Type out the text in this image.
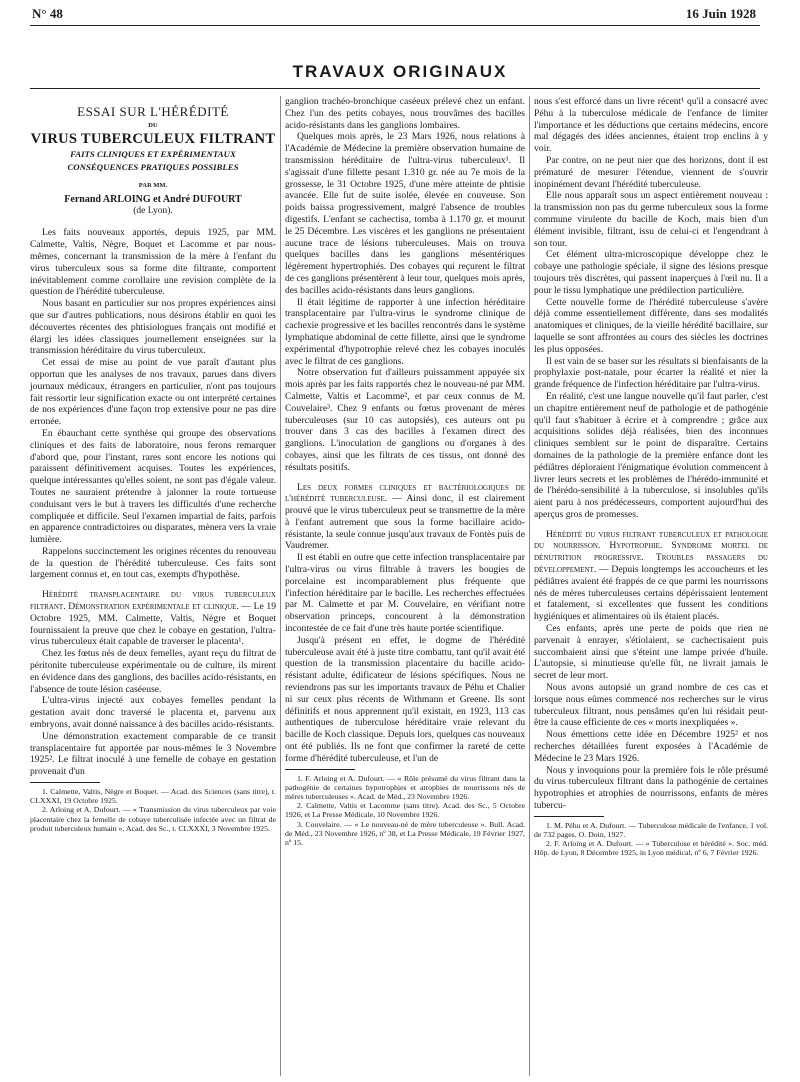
N° 48	16 Juin 1928
TRAVAUX ORIGINAUX
ESSAI SUR L'HÉRÉDITÉ
DU
VIRUS TUBERCULEUX FILTRANT
FAITS CLINIQUES ET EXPÉRIMENTAUX
CONSÉQUENCES PRATIQUES POSSIBLES
PAR MM.
Fernand ARLOING et André DUFOURT
(de Lyon).

Les faits nouveaux apportés, depuis 1925, par MM. Calmette, Valtis, Nègre, Boquet et Lacomme et par nous-mêmes, concernant la transmission de la mère à l'enfant du virus tuberculeux sous sa forme dite filtrante, comportent inévitablement comme corollaire une revision complète de la question de l'hérédité tuberculeuse.

Nous basant en particulier sur nos propres expériences ainsi que sur d'autres publications, nous désirons établir en quoi les découvertes récentes des phtisiologues français ont modifié et élargi les idées classiques journellement enseignées sur la transmission héréditaire du virus tuberculeux.

Cet essai de mise au point de vue paraît d'autant plus opportun que les analyses de nos travaux, parues dans divers journaux médicaux, étrangers en particulier, n'ont pas toujours fait ressortir leur signification exacte ou ont interprété certaines de nos expériences d'une façon trop extensive pour ne pas dire erronée.

En ébauchant cette synthèse qui groupe des observations cliniques et des faits de laboratoire, nous ferons remarquer d'abord que, pour l'instant, rares sont encore les notions qui paraissent définitivement acquises. Toutes les expériences, quelque intéressantes qu'elles soient, ne sont pas d'égale valeur. Toutes ne sauraient prétendre à jalonner la route tortueuse conduisant vers le but à travers les difficultés d'une recherche compliquée et difficile. Seul l'examen impartial de faits, parfois en apparence contradictoires ou disparates, mènera vers la vraie lumière.

Rappelons succinctement les origines récentes du renouveau de la question de l'hérédité tuberculeuse. Ces faits sont largement connus et, en tout cas, exempts d'hypothèse.

Hérédité transplacentaire du virus tuberculeux filtrant. Démonstration expérimentale et clinique. — Le 19 Octobre 1925, MM. Calmette, Valtis, Nègre et Boquet fournissaient la preuve que chez le cobaye en gestation, l'ultra-virus tuberculeux était capable de traverser le placenta¹.

Chez les fœtus nés de deux femelles, ayant reçu du filtrat de péritonite tuberculeuse expérimentale ou de culture, ils mirent en évidence dans des ganglions, des bacilles acido-résistants, en l'absence de toute lésion caséeuse.

L'ultra-virus injecté aux cobayes femelles pendant la gestation avait donc traversé le placenta et, parvenu aux embryons, avait donné naissance à des bacilles acido-résistants.

Une démonstration exactement comparable de ce transit transplacentaire fut apportée par nous-mêmes le 3 Novembre 1925². Le filtrat inoculé à une femelle de cobaye en gestation provenait d'un

1. Calmette, Valtis, Nègre et Boquet. — Acad. des Sciences (sans titre), t. CLXXXI, 19 Octobre 1925.

2. Arloing et A. Dufourt. — « Transmission du virus tuberculeux par voie placentaire chez la femelle de cobaye tuberculisée infectée avec un filtrat de produit tuberculeux humain ». Acad. des Sc., t. CLXXXI, 3 Novembre 1925.

ganglion trachéo-bronchique caséeux prélevé chez un enfant. Chez l'un des petits cobayes, nous trouvâmes des bacilles acido-résistants dans les ganglions lombaires.

Quelques mois après, le 23 Mars 1926, nous relations à l'Académie de Médecine la première observation humaine de transmission héréditaire de l'ultra-virus tuberculeux¹. Il s'agissait d'une fillette pesant 1.310 gr. née au 7e mois de la grossesse, le 31 Octobre 1925, d'une mère atteinte de phtisie avancée. Elle fut de suite isolée, élevée en couveuse. Son poids baissa progressivement, malgré l'absence de troubles digestifs. L'enfant se cachectisa, tomba à 1.170 gr. et mourut le 25 Décembre. Les viscères et les ganglions ne présentaient aucune trace de lésions tuberculeuses. Mais on trouva quelques bacilles dans les ganglions mésentériques légèrement hypertrophiés. Des cobayes qui reçurent le filtrat de ces ganglions présentèrent à leur tour, quelques mois après, des bacilles acido-résistants dans leurs ganglions.

Il était légitime de rapporter à une infection héréditaire transplacentaire par l'ultra-virus le syndrome clinique de cachexie progressive et les bacilles rencontrés dans le système lymphatique abdominal de cette fillette, ainsi que le syndrome expérimental d'hypotrophie relevé chez les cobayes inoculés avec le filtrat de ces ganglions.

Notre observation fut d'ailleurs puissamment appuyée six mois après par les faits rapportés chez le nouveau-né par MM. Calmette, Valtis et Lacomme², et par ceux connus de M. Couvelaire³. Chez 9 enfants ou fœtus provenant de mères tuberculeuses (sur 10 cas autopsiés), ces auteurs ont pu trouver dans 3 cas des bacilles à l'examen direct des ganglions. L'inoculation de ganglions ou d'organes à des cobayes, ainsi que les filtrats de ces tissus, ont donné des résultats positifs.

Les deux formes cliniques et bactériologiques de l'hérédité tuberculeuse. — Ainsi donc, il est clairement prouvé que le virus tuberculeux peut se transmettre de la mère à l'enfant autrement que sous la forme bacillaire acido-résistante, la seule connue jusqu'aux travaux de Fontès puis de Vaudremer.

Il est établi en outre que cette infection transplacentaire par l'ultra-virus ou virus filtrable à travers les bougies de porcelaine est incomparablement plus fréquente que l'infection héréditaire par le bacille. Les recherches effectuées par M. Calmette et par M. Couvelaire, en vérifiant notre observation princeps, concourent à la démonstration incontestée de ce fait d'une très haute portée scientifique.

Jusqu'à présent en effet, le dogme de l'hérédité tuberculeuse avait été à juste titre combattu, tant qu'il avait été question de la transmission placentaire du bacille acido-résistant adulte, édificateur de lésions spécifiques. Nous ne reviendrons pas sur les importants travaux de Péhu et Chalier ni sur ceux plus récents de Withmann et Greene. Ils sont définitifs et nous apprennent qu'il existait, en 1923, 113 cas authentiques de tuberculose héréditaire vraie relevant du bacille de Koch classique. Depuis lors, quelques cas nouveaux ont été publiés. Ils ne font que confirmer la rareté de cette forme d'hérédité tuberculeuse, et l'un de

1. F. Arloing et A. Dufourt. — « Rôle présumé du virus filtrant dans la pathogénie de certaines hypotrophies et atrophies de nourrissons nés de mères tuberculeuses ». Acad. de Méd., 23 Novembre 1926.

2. Calmette, Valtis et Lacomme (sans titre). Acad. des Sc., 5 Octobre 1926, et La Presse Médicale, 10 Novembre 1926.

3. Couvelaire. — « Le nouveau-né de mère tuberculeuse ». Bull. Acad. de Méd., 23 Novembre 1926, nº 38, et La Presse Médicale, 19 Février 1927, nº 15.

nous s'est efforcé dans un livre récent¹ qu'il a consacré avec Péhu à la tuberculose médicale de l'enfance de limiter l'importance et les déductions que certains médecins, encore mal dégagés des idées anciennes, étaient trop enclins à y voir.

Par contre, on ne peut nier que des horizons, dont il est prématuré de mesurer l'étendue, viennent de s'ouvrir inopinément devant l'hérédité tuberculeuse.

Elle nous apparaît sous un aspect entièrement nouveau : la transmission non pas du germe tuberculeux sous la forme commune virulente du bacille de Koch, mais bien d'un élément invisible, filtrant, issu de celui-ci et l'engendrant à son tour.

Cet élément ultra-microscopique développe chez le cobaye une pathologie spéciale, il signe des lésions presque toujours très discrètes, qui passent inaperçues à l'œil nu. Il a pour le tissu lymphatique une prédilection particulière.

Cette nouvelle forme de l'hérédité tuberculeuse s'avère déjà comme essentiellement différente, dans ses modalités anatomiques et cliniques, de la vieille hérédité bacillaire, sur laquelle se sont affrontées au cours des siècles les doctrines les plus opposées.

Il est vain de se baser sur les résultats si bienfaisants de la prophylaxie post-natale, pour écarter la réalité et nier la grande fréquence de l'infection héréditaire par l'ultra-virus.

En réalité, c'est une langue nouvelle qu'il faut parler, c'est un chapitre entièrement neuf de pathologie et de pathogénie qu'il faut s'habituer à écrire et à comprendre ; grâce aux acquisitions solides déjà réalisées, bien des inconnues cliniques semblent sur le point de disparaître. Certains domaines de la pathologie de la première enfance dont les pédiâtres déploraient l'énigmatique évolution commencent à livrer leurs secrets et les problèmes de l'hérédo-immunité et de l'hérédo-sensibilité à la tuberculose, si insolubles qu'ils aient paru à nos prédécesseurs, comportent aujourd'hui des aperçus gros de promesses.

Hérédité du virus filtrant tuberculeux et pathologie du nourrisson. Hypotrophie. Syndrome mortel de dénutrition progressive. Troubles passagers du développement. — Depuis longtemps les accoucheurs et les pédiâtres avaient été frappés de ce que parmi les nourrissons nés de mères tuberculeuses certains dépérissaient lentement et fatalement, si excellentes que fussent les conditions hygiéniques et alimentaires où ils étaient placés.

Ces enfants, après une perte de poids que rien ne parvenait à enrayer, s'étiolaient, se cachectisaient puis succombaient ainsi que s'éteint une lampe privée d'huile. L'autopsie, si minutieuse qu'elle fût, ne livrait jamais le secret de leur mort.

Nous avons autopsié un grand nombre de ces cas et lorsque nous eûmes commencé nos recherches sur le virus tuberculeux filtrant, nous pensâmes qu'en lui résidait peut-être la cause efficiente de ces « morts inexpliquées ».

Nous émettions cette idée en Décembre 1925² et nos recherches détaillées furent exposées à l'Académie de Médecine le 23 Mars 1926.

Nous y invoquions pour la première fois le rôle présumé du virus tuberculeux filtrant dans la pathogénie de certaines hypotrophies et atrophies de nourrissons, enfants de mères tubercu-

1. M. Péhu et A. Dufourt. — Tuberculose médicale de l'enfance, 1 vol. de 732 pages. O. Doin, 1927.

2. F. Arloing et A. Dufourt. — « Tuberculose et hérédité ». Soc. méd. Hôp. de Lyon, 8 Décembre 1925, in Lyon médical, nº 6, 7 Février 1926.
